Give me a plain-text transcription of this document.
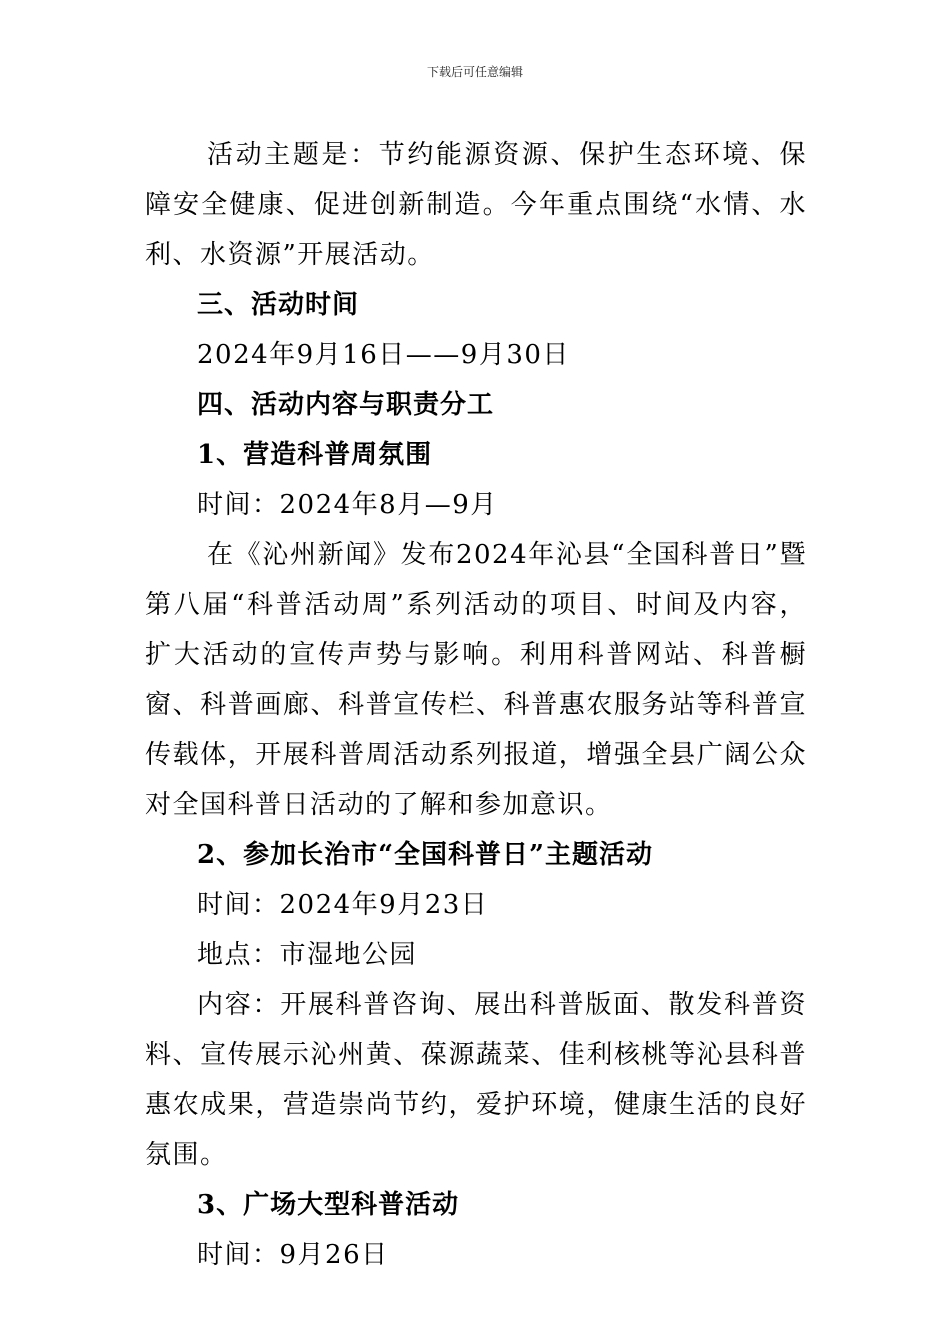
下载后可任意编辑

活动主题是：节约能源资源、保护生态环境、保障安全健康、促进创新制造。今年重点围绕“水情、水利、水资源”开展活动。

三、活动时间

2024年9月16日——9月30日

四、活动内容与职责分工

1、营造科普周氛围

时间：2024年8月—9月

在《沁州新闻》发布2024年沁县“全国科普日”暨第八届“科普活动周”系列活动的项目、时间及内容，扩大活动的宣传声势与影响。利用科普网站、科普橱窗、科普画廊、科普宣传栏、科普惠农服务站等科普宣传载体，开展科普周活动系列报道，增强全县广阔公众对全国科普日活动的了解和参加意识。

2、参加长治市“全国科普日”主题活动

时间：2024年9月23日

地点：市湿地公园

内容：开展科普咨询、展出科普版面、散发科普资料、宣传展示沁州黄、葆源蔬菜、佳利核桃等沁县科普惠农成果，营造崇尚节约，爱护环境，健康生活的良好氛围。

3、广场大型科普活动

时间：9月26日
